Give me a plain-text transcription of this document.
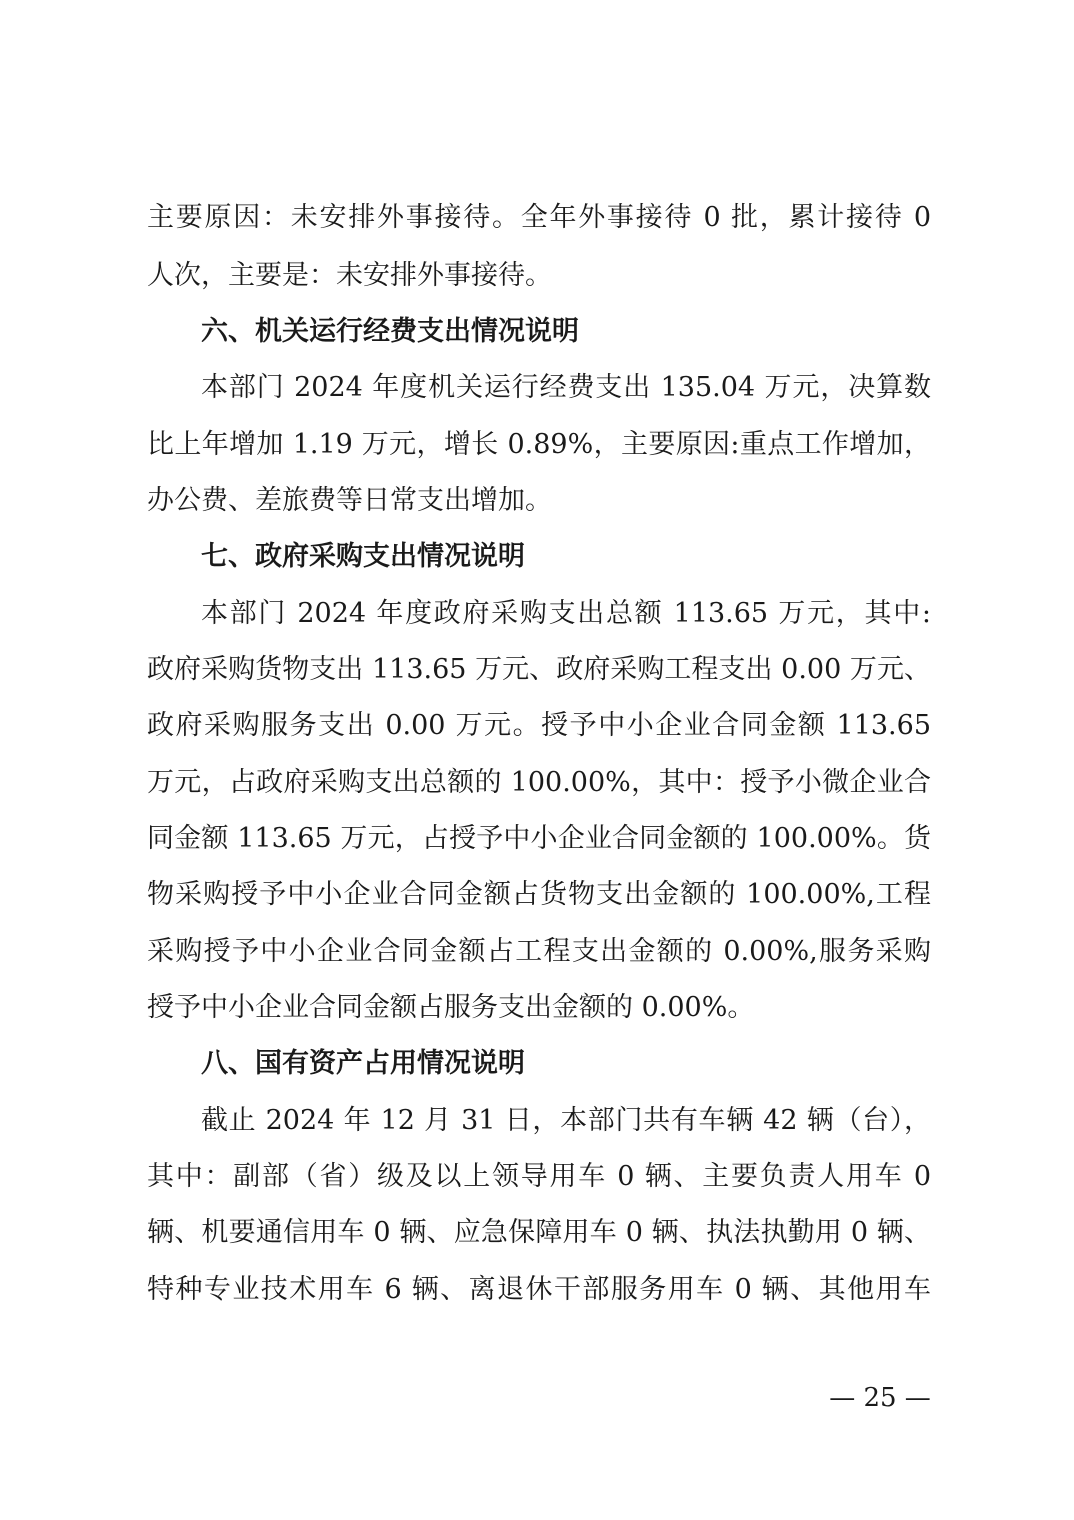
主要原因：未安排外事接待。全年外事接待 0 批，累计接待 0
人次，主要是：未安排外事接待。
六、机关运行经费支出情况说明
本部门 2024 年度机关运行经费支出 135.04 万元，决算数
比上年增加 1.19 万元，增长 0.89%，主要原因:重点工作增加，
办公费、差旅费等日常支出增加。
七、政府采购支出情况说明
本部门 2024 年度政府采购支出总额 113.65 万元，其中:
政府采购货物支出 113.65 万元、政府采购工程支出 0.00 万元、
政府采购服务支出 0.00 万元。授予中小企业合同金额 113.65
万元，占政府采购支出总额的 100.00%，其中：授予小微企业合
同金额 113.65 万元，占授予中小企业合同金额的 100.00%。货
物采购授予中小企业合同金额占货物支出金额的 100.00%,工程
采购授予中小企业合同金额占工程支出金额的 0.00%,服务采购
授予中小企业合同金额占服务支出金额的 0.00%。
八、国有资产占用情况说明
截止 2024 年 12 月 31 日，本部门共有车辆 42 辆（台），
其中：副部（省）级及以上领导用车 0 辆、主要负责人用车 0
辆、机要通信用车 0 辆、应急保障用车 0 辆、执法执勤用 0 辆、
特种专业技术用车 6 辆、离退休干部服务用车 0 辆、其他用车
— 25 —
